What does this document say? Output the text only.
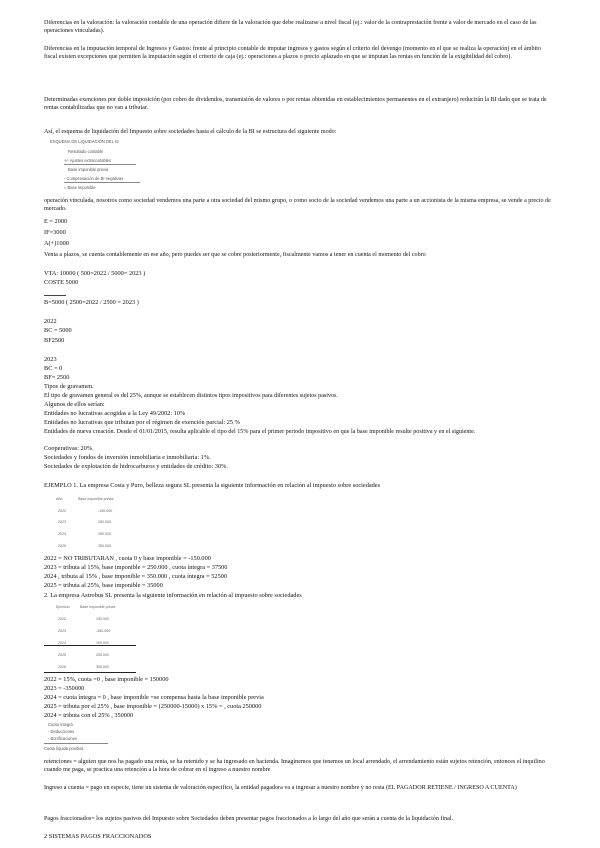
Diferencias en la valoración: la valoración contable de una operación difiere de la valoración que debe realizarse a nivel fiscal (ej.: valor de la contraprestación frente a valor de mercado en el caso de las operaciones vinculadas).

Diferencias en la imputación temporal de Ingresos y Gastos: frente al principio contable de imputar ingresos y gastos según el criterio del devengo (momento en el que se realiza la operación) en el ámbito fiscal existen excepciones que permiten la imputación según el criterio de caja (ej.: operaciones a plazos o precio aplazado en que se imputan las rentas en función de la exigibilidad del cobro).

Determinadas exenciones por doble imposición (por cobro de dividendos, transmisión de valores o por rentas obtenidas en establecimientos permanentes en el extranjero) reducirán la BI dado que se trata de rentas contabilizadas que no van a tributar.

Así, el esquema de liquidación del Impuesto sobre sociedades hasta el cálculo de la BI se estructura del siguiente modo:

ESQUEMA DE LIQUIDACIÓN DEL IS
Resultado contable
+/- Ajustes extracontables
Base imponible previa
- Compensación de BI negativas
= Base imponible

operación vinculada, nosotros como sociedad vendemos una parte a otra sociedad del mismo grupo, o como socio de la sociedad vendemos una parte a un accionista de la misma empresa, se vende a precio de mercado.

E = 2000

IF=3000

A(+)1000

Venta a plazos, se cuenta contablemente en ese año, pero puedes ser que se cobre posteriormente, fiscalmente vamos a tener en cuenta el momento del cobro

VTA: 10000 ( 500=2022 / 5000= 2023 )

COSTE 5000

B=5000 ( 2500=2022 / 2500 = 2023 )

2022

BC = 5000

BF2500

2023

BC = 0

BF= 2500

Tipos de gravamen.

El tipo de gravamen general es del 25%, aunque se establecen distintos tipos impositivos para diferentes sujetos pasivos.

Algunos de ellos serían:

Entidades no lucrativas acogidas a la Ley 49/2002: 10%

Entidades no lucrativas que tributan por el régimen de exención parcial: 25 %

Entidades de nueva creación. Desde el 01/01/2015, resulta aplicable el tipo del 15% para el primer periodo impositivo en que la base imponible resulte positiva y en el siguiente.

Cooperativas: 20%.

Sociedades y fondos de inversión inmobiliaria e inmobiliaria: 1%.

Sociedades de explotación de hidrocarburos y entidades de crédito: 30%.

EJEMPLO 1. La empresa Costa y Puro, belleza segura SL presenta la siguiente información en relación al impuesto sobre sociedades

Año	Base imponible previa
2022	-150.000
2023	250.000
2024	350.000
2025	350.000

2022 = NO TRIBUTARAN , cuota 0 y base imponible = -150.000

2023 = tributa al 15%, base imponible = 250.000 , cuota íntegra = 37500

2024 , tributa al 15% , base imponible = 350.000 , cuota íntegra = 52500

2025 = tributa al 25%, base imponible = 35000

2. La empresa Astrobus SL presenta la siguiente información en relación al impuesto sobre sociedades

Ejercicio	Base imponible previa
2022	150.000
2023	-350.000
2024	100.000
2025	250.000
2026	350.000

2022 = 15%, cuota =0 , base imponible = 150000

2023 = -350000

2024 = cuota íntegra = 0 , base imponible =se compensa hasta la base imponible previa

2025 = tributa por el 25% , base imponible = (250000-15000) x 15% = , cuota 250000

2024 = tributa con el 25% , 350000

Cuota íntegra
- Deducciones
- Bonificaciones
Cuota líquida positiva

retenciones = alguien que nos ha pagado una renta, se ha retenido y se ha ingresado en hacienda. Imaginemos que tenemos un local arrendado, el arrendamiento están sujetos retención, entonces el inquilino cuando me paga, se practica una retención a la hora de cobrar en el ingreso a nuestro nombre

Ingreso a cuenta = pago en especie, tiene un sistema de valoración especifico, la entidad pagadora va a ingresar a nuestro nombre y no resta (EL PAGADOR RETIENE / INGRESO A CUENTA)

Pagos fraccionados= los sujetos pasivos del Impuesto sobre Sociedades deben presentar pagos fraccionados a lo largo del año que serán a cuenta de la liquidación final.

2 SISTEMAS PAGOS FRACCIONADOS
